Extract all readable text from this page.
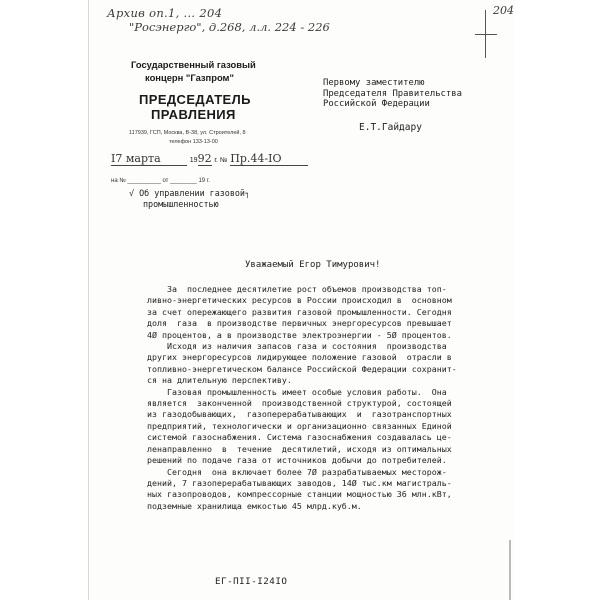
Архив оп.1, ... 204
"Росэнерго", д.268, л.л. 224 - 226
204
Государственный газовый
концерн "Газпром"
ПРЕДСЕДАТЕЛЬ
ПРАВЛЕНИЯ
117939, ГСП, Москва, В-38, ул. Строителей, 8
телефон 133-13-00
Первому заместителю
Председателя Правительства
Российской Федерации
Е.Т.Гайдару
I7 марта	1992 г. № Пр.44-IO
на № __________ от ________ 19 г.
√ Об управлении газовой┐
промышленностью
Уважаемый Егор Тимурович!

За  последнее десятилетие рост объемов производства топ-

ливно-энергетических ресурсов в России происходил в  основном

за счет опережающего развития газовой промышленности. Сегодня

доля  газа  в производстве первичных энергоресурсов превышает

4Ø процентов, а в производстве электроэнергии - 5Ø процентов.

Исходя из наличия запасов газа и состояния  производства

других энергоресурсов лидирующее положение газовой  отрасли в

топливно-энергетическом балансе Российской Федерации сохранит-

ся на длительную перспективу.

Газовая промышленность имеет особые условия работы.  Она

является  законченной  производственной структурой, состоящей

из газодобывающих,  газоперерабатывающих  и  газотранспортных

предприятий, технологически и организационно связанных Единой

системой газоснабжения. Система газоснабжения создавалась це-

ленаправленно  в  течение  десятилетий, исходя из оптимальных

решений по подаче газа от источников добычи до потребителей.

Сегодня  она включает более 7Ø разрабатываемых месторож-

дений, 7 газоперерабатывающих заводов, 14Ø тыс.км магистраль-

ных газопроводов, компрессорные станции мощностью 36 млн.кВт,

подземные хранилища емкостью 45 млрд.куб.м.

ЕГ-ПII-I24IO
